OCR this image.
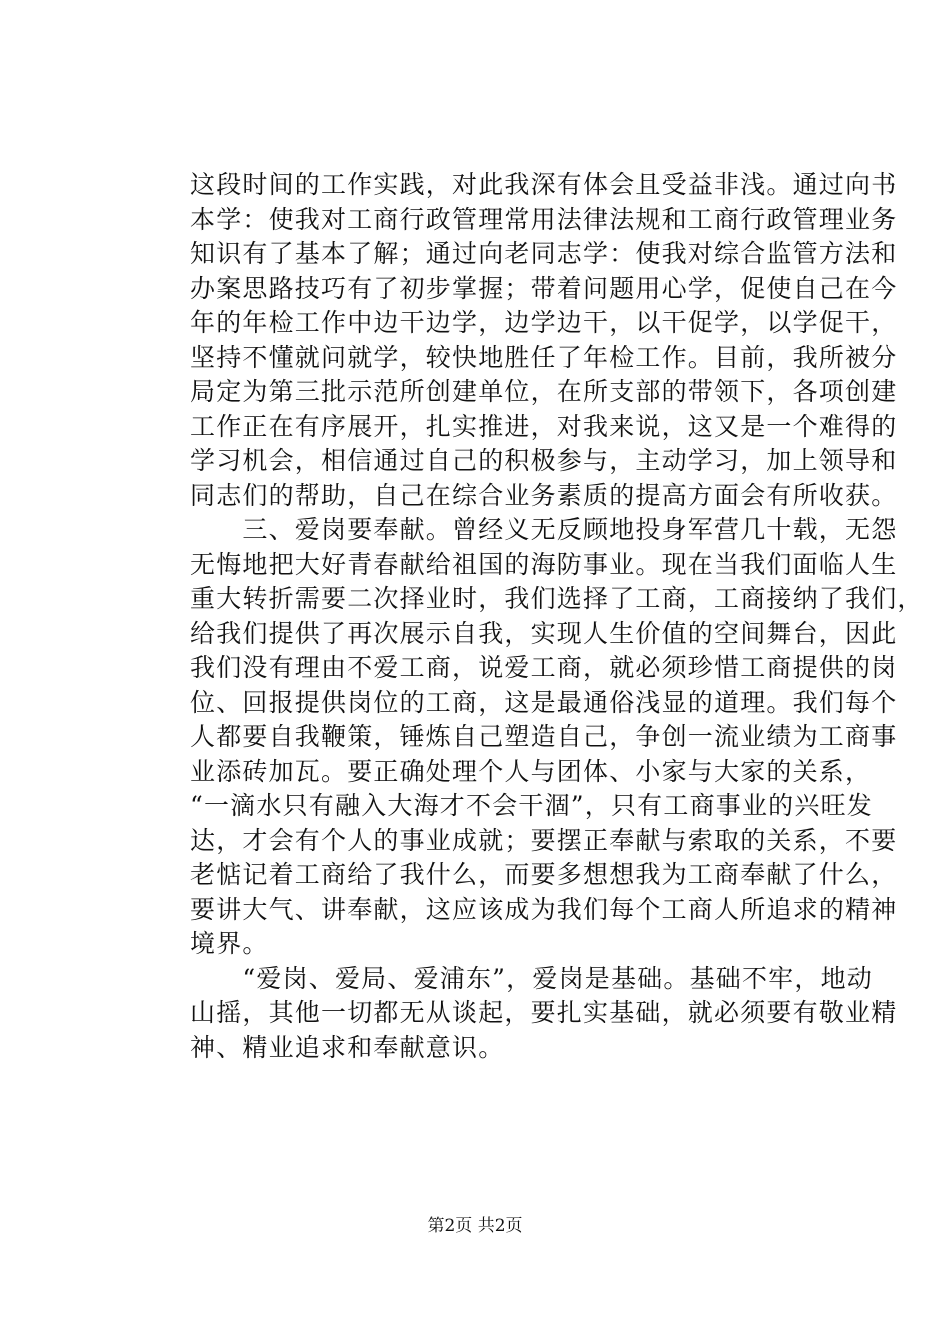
这段时间的工作实践，对此我深有体会且受益非浅。通过向书
本学：使我对工商行政管理常用法律法规和工商行政管理业务
知识有了基本了解；通过向老同志学：使我对综合监管方法和
办案思路技巧有了初步掌握；带着问题用心学，促使自己在今
年的年检工作中边干边学，边学边干，以干促学，以学促干，
坚持不懂就问就学，较快地胜任了年检工作。目前，我所被分
局定为第三批示范所创建单位，在所支部的带领下，各项创建
工作正在有序展开，扎实推进，对我来说，这又是一个难得的
学习机会，相信通过自己的积极参与，主动学习，加上领导和
同志们的帮助，自己在综合业务素质的提高方面会有所收获。
　　三、爱岗要奉献。曾经义无反顾地投身军营几十载，无怨
无悔地把大好青春献给祖国的海防事业。现在当我们面临人生
重大转折需要二次择业时，我们选择了工商，工商接纳了我们，
给我们提供了再次展示自我，实现人生价值的空间舞台，因此
我们没有理由不爱工商，说爱工商，就必须珍惜工商提供的岗
位、回报提供岗位的工商，这是最通俗浅显的道理。我们每个
人都要自我鞭策，锤炼自己塑造自己，争创一流业绩为工商事
业添砖加瓦。要正确处理个人与团体、小家与大家的关系，
“一滴水只有融入大海才不会干涸”，只有工商事业的兴旺发
达，才会有个人的事业成就；要摆正奉献与索取的关系，不要
老惦记着工商给了我什么，而要多想想我为工商奉献了什么，
要讲大气、讲奉献，这应该成为我们每个工商人所追求的精神
境界。
　　“爱岗、爱局、爱浦东”，爱岗是基础。基础不牢，地动
山摇，其他一切都无从谈起，要扎实基础，就必须要有敬业精
神、精业追求和奉献意识。
第2页 共2页
